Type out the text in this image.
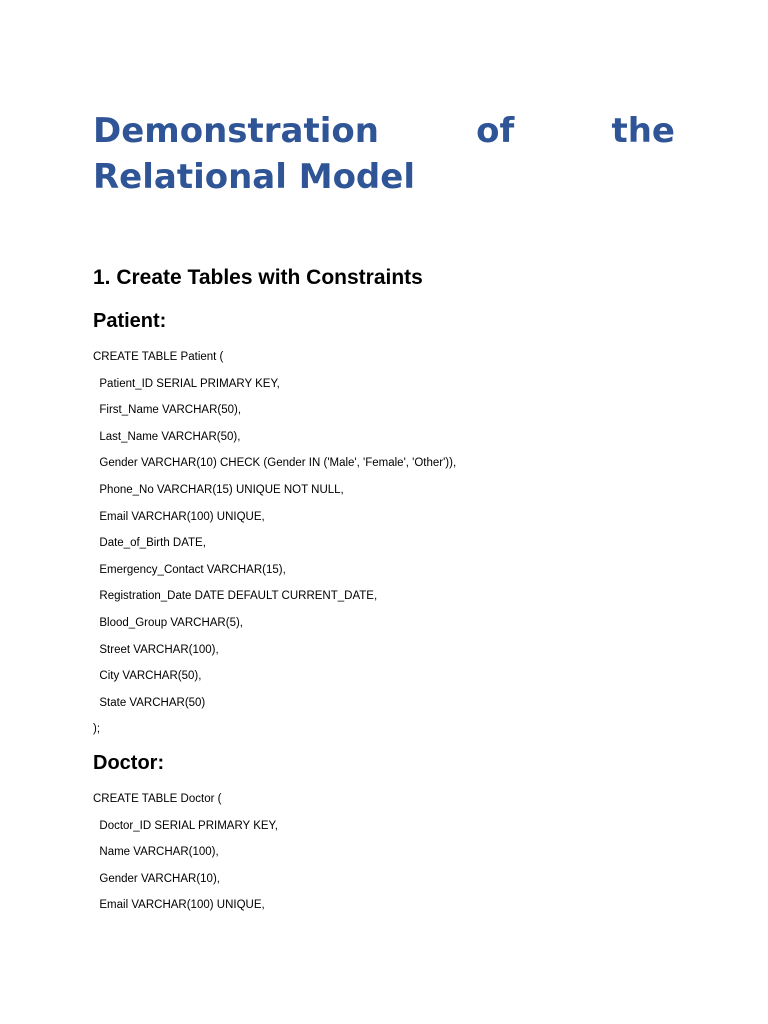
Demonstration	of	the
Relational Model
1. Create Tables with Constraints
Patient:
CREATE TABLE Patient (
Patient_ID SERIAL PRIMARY KEY,
First_Name VARCHAR(50),
Last_Name VARCHAR(50),
Gender VARCHAR(10) CHECK (Gender IN ('Male', 'Female', 'Other')),
Phone_No VARCHAR(15) UNIQUE NOT NULL,
Email VARCHAR(100) UNIQUE,
Date_of_Birth DATE,
Emergency_Contact VARCHAR(15),
Registration_Date DATE DEFAULT CURRENT_DATE,
Blood_Group VARCHAR(5),
Street VARCHAR(100),
City VARCHAR(50),
State VARCHAR(50)
);
Doctor:
CREATE TABLE Doctor (
Doctor_ID SERIAL PRIMARY KEY,
Name VARCHAR(100),
Gender VARCHAR(10),
Email VARCHAR(100) UNIQUE,
